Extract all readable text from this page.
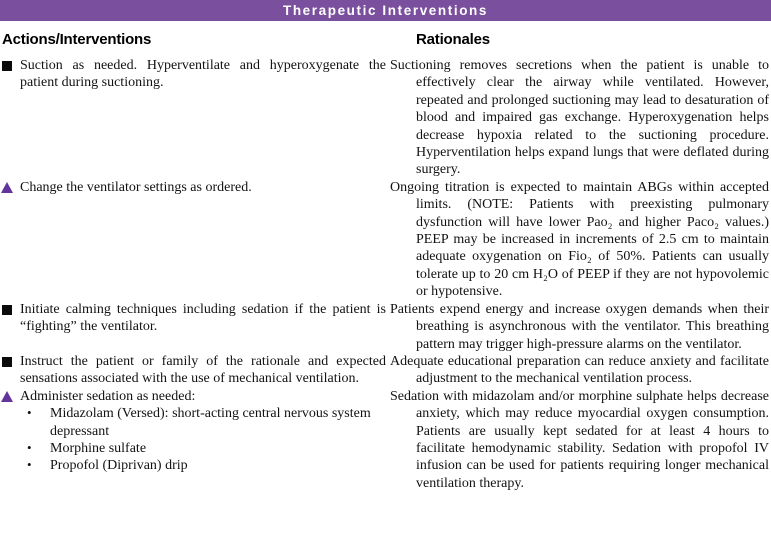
Therapeutic Interventions
Actions/Interventions	Rationales
Suction as needed. Hyperventilate and hyperoxygenate the patient during suctioning.
Suctioning removes secretions when the patient is unable to effectively clear the airway while ventilated. However, repeated and prolonged suctioning may lead to desaturation of blood and impaired gas exchange. Hyperoxygenation helps decrease hypoxia related to the suctioning procedure. Hyperventilation helps expand lungs that were deflated during surgery.
Change the ventilator settings as ordered.	Ongoing titration is expected to maintain ABGs within accepted limits. (NOTE: Patients with preexisting pulmonary dysfunction will have lower Pao₂ and higher Paco₂ values.) PEEP may be increased in increments of 2.5 cm to maintain adequate oxygenation on Fio₂ of 50%. Patients can usually tolerate up to 20 cm H₂O of PEEP if they are not hypovolemic or hypotensive.
Initiate calming techniques including sedation if the patient is “fighting” the ventilator.
Patients expend energy and increase oxygen demands when their breathing is asynchronous with the ventilator. This breathing pattern may trigger high-pressure alarms on the ventilator.
Instruct the patient or family of the rationale and expected sensations associated with the use of mechanical ventilation.
Adequate educational preparation can reduce anxiety and facilitate adjustment to the mechanical ventilation process.
Administer sedation as needed:
•
Midazolam (Versed): short-acting central nervous system depressant
•
Morphine sulfate
•
Propofol (Diprivan) drip
Sedation with midazolam and/or morphine sulphate helps decrease anxiety, which may reduce myocardial oxygen consumption. Patients are usually kept sedated for at least 4 hours to facilitate hemodynamic stability. Sedation with propofol IV infusion can be used for patients requiring longer mechanical ventilation therapy.
